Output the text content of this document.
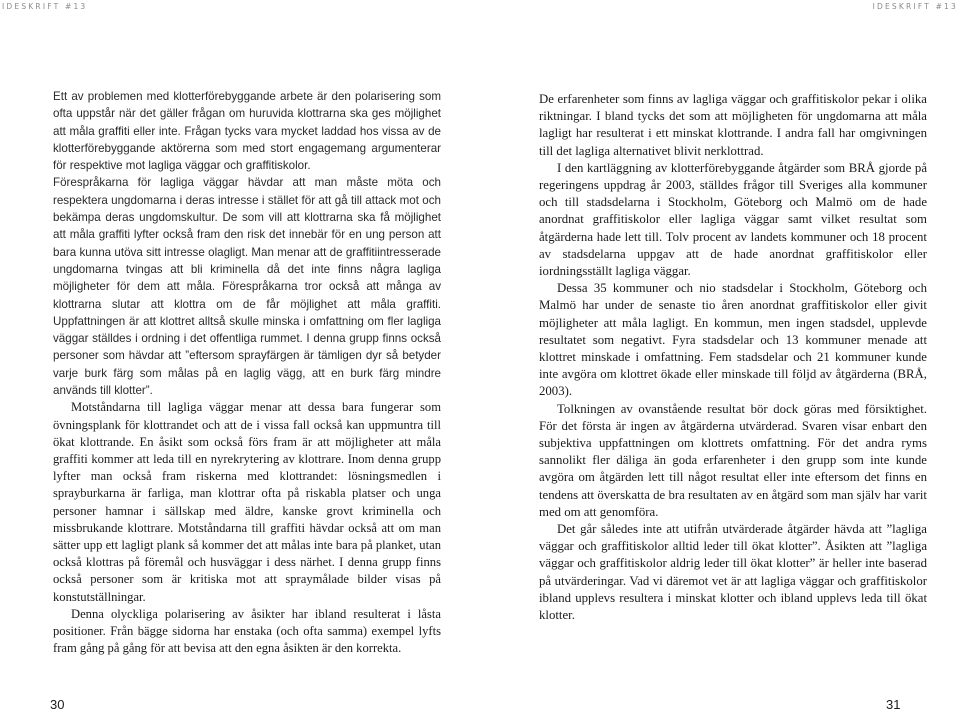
IDESKRIFT #13	IDESKRIFT #13

Ett av problemen med klotterförebyggande arbete är den polarisering som ofta uppstår när det gäller frågan om huruvida klottrarna ska ges möjlighet att måla graffiti eller inte. Frågan tycks vara mycket laddad hos vissa av de klotterförebyggande aktörerna som med stort engagemang argumenterar för respektive mot lagliga väggar och graffitiskolor.

Förespråkarna för lagliga väggar hävdar att man måste möta och respektera ungdomarna i deras intresse i stället för att gå till attack mot och bekämpa deras ungdomskultur. De som vill att klottrarna ska få möjlighet att måla graffiti lyfter också fram den risk det innebär för en ung person att bara kunna utöva sitt intresse olagligt. Man menar att de graffitiintresserade ungdomarna tvingas att bli kriminella då det inte finns några lagliga möjligheter för dem att måla. Förespråkarna tror också att många av klottrarna slutar att klottra om de får möjlighet att måla graffiti. Uppfattningen är att klottret alltså skulle minska i omfattning om fler lagliga väggar ställdes i ordning i det offentliga rummet. I denna grupp finns också personer som hävdar att ”eftersom sprayfärgen är tämligen dyr så betyder varje burk färg som målas på en laglig vägg, att en burk färg mindre används till klotter”.

Motståndarna till lagliga väggar menar att dessa bara fungerar som övningsplank för klottrandet och att de i vissa fall också kan uppmuntra till ökat klottrande. En åsikt som också förs fram är att möjligheter att måla graffiti kommer att leda till en nyrekrytering av klottrare. Inom denna grupp lyfter man också fram riskerna med klottrandet: lösningsmedlen i sprayburkarna är farliga, man klottrar ofta på riskabla platser och unga personer hamnar i sällskap med äldre, kanske grovt kriminella och missbrukande klottrare. Motståndarna till graffiti hävdar också att om man sätter upp ett lagligt plank så kommer det att målas inte bara på planket, utan också klottras på föremål och husväggar i dess närhet. I denna grupp finns också personer som är kritiska mot att spraymålade bilder visas på konstutställningar.

Denna olyckliga polarisering av åsikter har ibland resulterat i låsta positioner. Från bägge sidorna har enstaka (och ofta samma) exempel lyfts fram gång på gång för att bevisa att den egna åsikten är den korrekta.

De erfarenheter som finns av lagliga väggar och graffitiskolor pekar i olika riktningar. I bland tycks det som att möjligheten för ungdomarna att måla lagligt har resulterat i ett minskat klottrande. I andra fall har omgivningen till det lagliga alternativet blivit nerklottrad.

I den kartläggning av klotterförebyggande åtgärder som BRÅ gjorde på regeringens uppdrag år 2003, ställdes frågor till Sveriges alla kommuner och till stadsdelarna i Stockholm, Göteborg och Malmö om de hade anordnat graffitiskolor eller lagliga väggar samt vilket resultat som åtgärderna hade lett till. Tolv procent av landets kommuner och 18 procent av stadsdelarna uppgav att de hade anordnat graffitiskolor eller iordningsställt lagliga väggar.

Dessa 35 kommuner och nio stadsdelar i Stockholm, Göteborg och Malmö har under de senaste tio åren anordnat graffitiskolor eller givit möjligheter att måla lagligt. En kommun, men ingen stadsdel, upplevde resultatet som negativt. Fyra stadsdelar och 13 kommuner menade att klottret minskade i omfattning. Fem stadsdelar och 21 kommuner kunde inte avgöra om klottret ökade eller minskade till följd av åtgärderna (BRÅ, 2003).

Tolkningen av ovanstående resultat bör dock göras med försiktighet. För det första är ingen av åtgärderna utvärderad. Svaren visar enbart den subjektiva uppfattningen om klottrets omfattning. För det andra ryms sannolikt fler däliga än goda erfarenheter i den grupp som inte kunde avgöra om åtgärden lett till något resultat eller inte eftersom det finns en tendens att överskatta de bra resultaten av en åtgärd som man själv har varit med om att genomföra.

Det går således inte att utifrån utvärderade åtgärder hävda att ”lagliga väggar och graffitiskolor alltid leder till ökat klotter”. Åsikten att ”lagliga väggar och graffitiskolor aldrig leder till ökat klotter” är heller inte baserad på utvärderingar. Vad vi däremot vet är att lagliga väggar och graffitiskolor ibland upplevs resultera i minskat klotter och ibland upplevs leda till ökat klotter.

30	31
